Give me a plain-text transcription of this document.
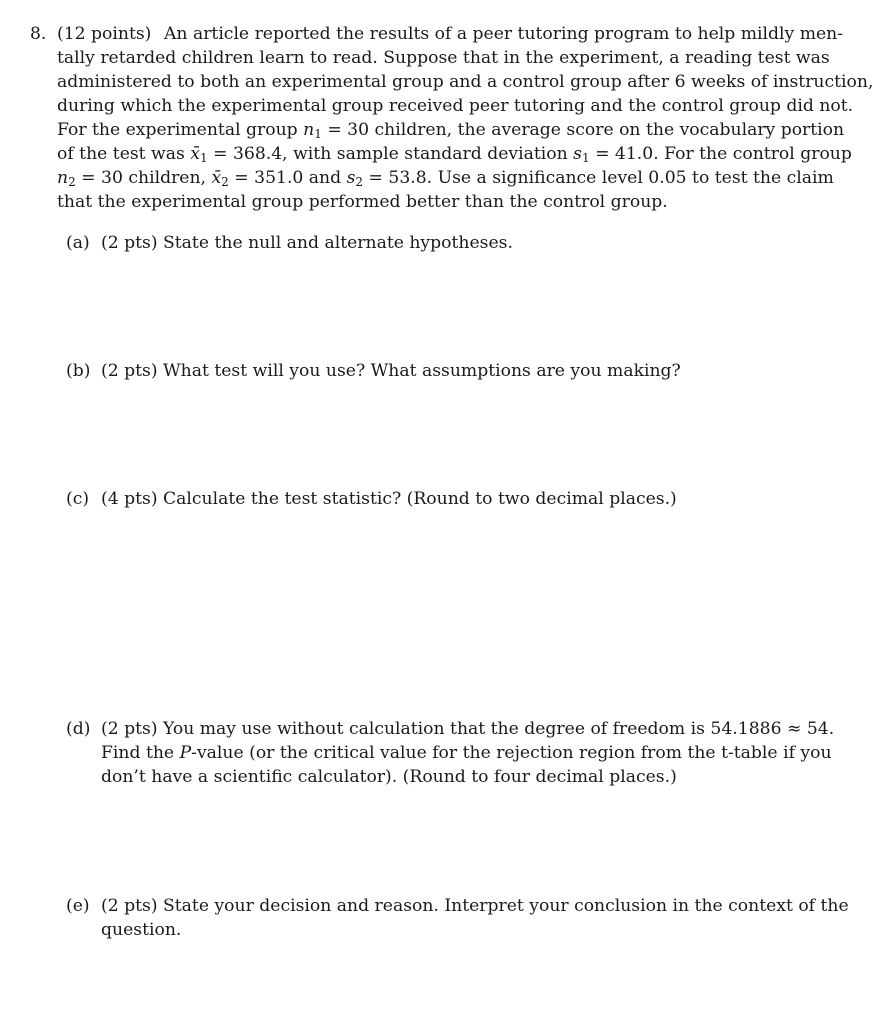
8. (12 points) An article reported the results of a peer tutoring program to help mildly men-
tally retarded children learn to read. Suppose that in the experiment, a reading test was
administered to both an experimental group and a control group after 6 weeks of instruction,
during which the experimental group received peer tutoring and the control group did not.
For the experimental group n1 = 30 children, the average score on the vocabulary portion
of the test was x̄1 = 368.4, with sample standard deviation s1 = 41.0. For the control group
n2 = 30 children, x̄2 = 351.0 and s2 = 53.8. Use a significance level 0.05 to test the claim
that the experimental group performed better than the control group.
(a) (2 pts) State the null and alternate hypotheses.
(b) (2 pts) What test will you use? What assumptions are you making?
(c) (4 pts) Calculate the test statistic? (Round to two decimal places.)
(d) (2 pts) You may use without calculation that the degree of freedom is 54.1886 ≈ 54.
Find the P-value (or the critical value for the rejection region from the t-table if you
don’t have a scientific calculator). (Round to four decimal places.)
(e) (2 pts) State your decision and reason. Interpret your conclusion in the context of the
question.
